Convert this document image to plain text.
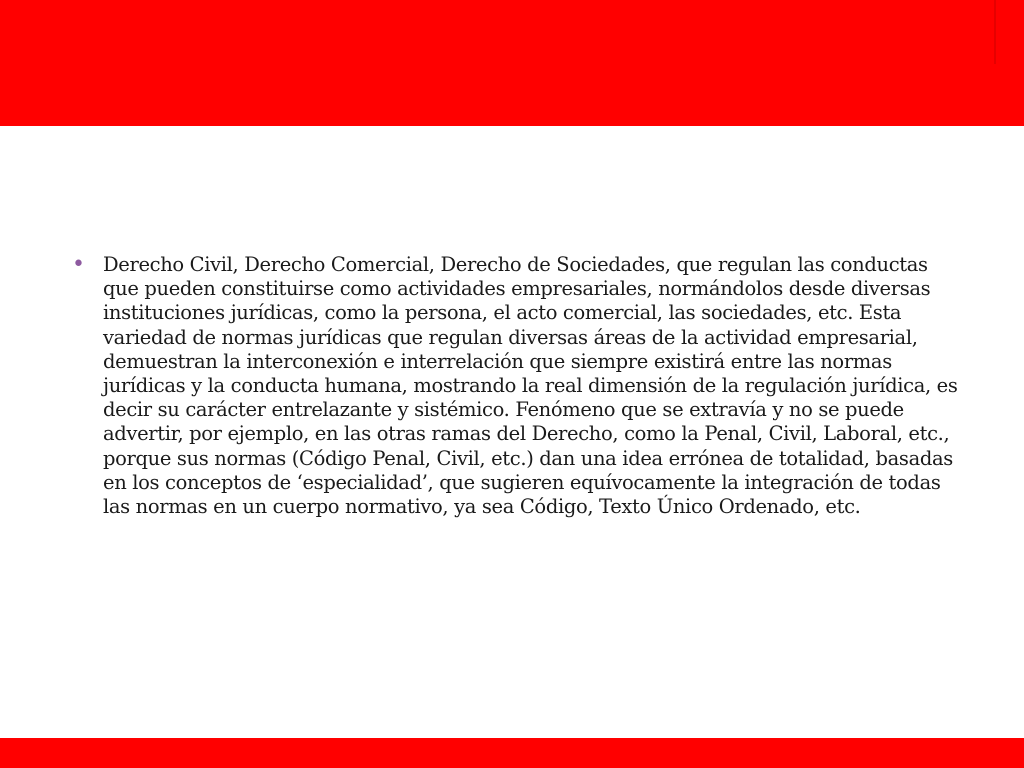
• Derecho Civil, Derecho Comercial, Derecho de Sociedades, que regulan las conductas que pueden constituirse como actividades empresariales, normándolos desde diversas instituciones jurídicas, como la persona, el acto comercial, las sociedades, etc. Esta variedad de normas jurídicas que regulan diversas áreas de la actividad empresarial, demuestran la interconexión e interrelación que siempre existirá entre las normas jurídicas y la conducta humana, mostrando la real dimensión de la regulación jurídica, es decir su carácter entrelazante y sistémico. Fenómeno que se extravía y no se puede advertir, por ejemplo, en las otras ramas del Derecho, como la Penal, Civil, Laboral, etc., porque sus normas (Código Penal, Civil, etc.) dan una idea errónea de totalidad, basadas en los conceptos de ‘especialidad’, que sugieren equívocamente la integración de todas las normas en un cuerpo normativo, ya sea Código, Texto Único Ordenado, etc.
